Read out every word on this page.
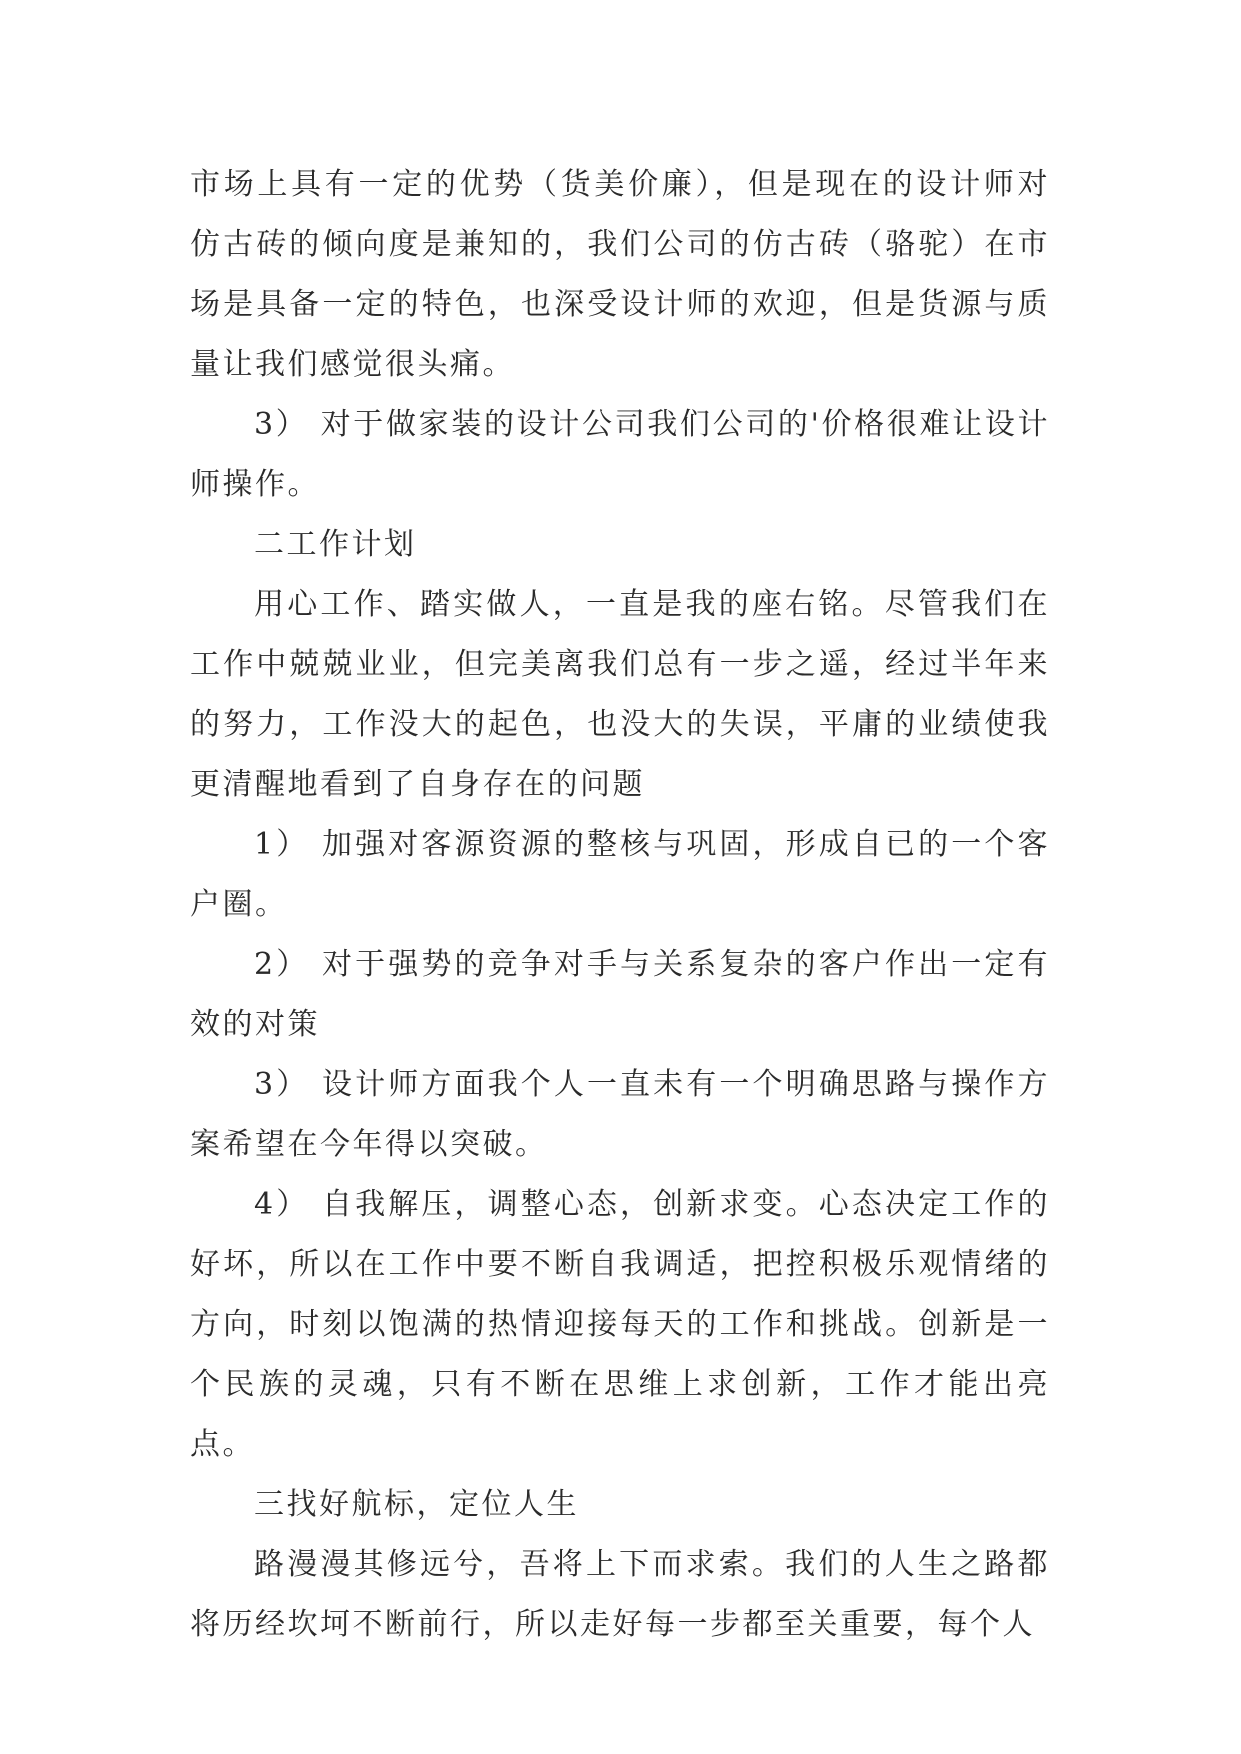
市场上具有一定的优势（货美价廉），但是现在的设计师对仿古砖的倾向度是兼知的，我们公司的仿古砖（骆驼）在市场是具备一定的特色，也深受设计师的欢迎，但是货源与质量让我们感觉很头痛。

3） 对于做家装的设计公司我们公司的'价格很难让设计师操作。

二工作计划

用心工作、踏实做人，一直是我的座右铭。尽管我们在工作中兢兢业业，但完美离我们总有一步之遥，经过半年来的努力，工作没大的起色，也没大的失误，平庸的业绩使我更清醒地看到了自身存在的问题

1） 加强对客源资源的整核与巩固，形成自已的一个客户圈。

2） 对于强势的竞争对手与关系复杂的客户作出一定有效的对策

3） 设计师方面我个人一直未有一个明确思路与操作方案希望在今年得以突破。

4） 自我解压，调整心态，创新求变。心态决定工作的好坏，所以在工作中要不断自我调适，把控积极乐观情绪的方向，时刻以饱满的热情迎接每天的工作和挑战。创新是一个民族的灵魂，只有不断在思维上求创新，工作才能出亮点。

三找好航标，定位人生

路漫漫其修远兮，吾将上下而求索。我们的人生之路都将历经坎坷不断前行，所以走好每一步都至关重要，每个人
